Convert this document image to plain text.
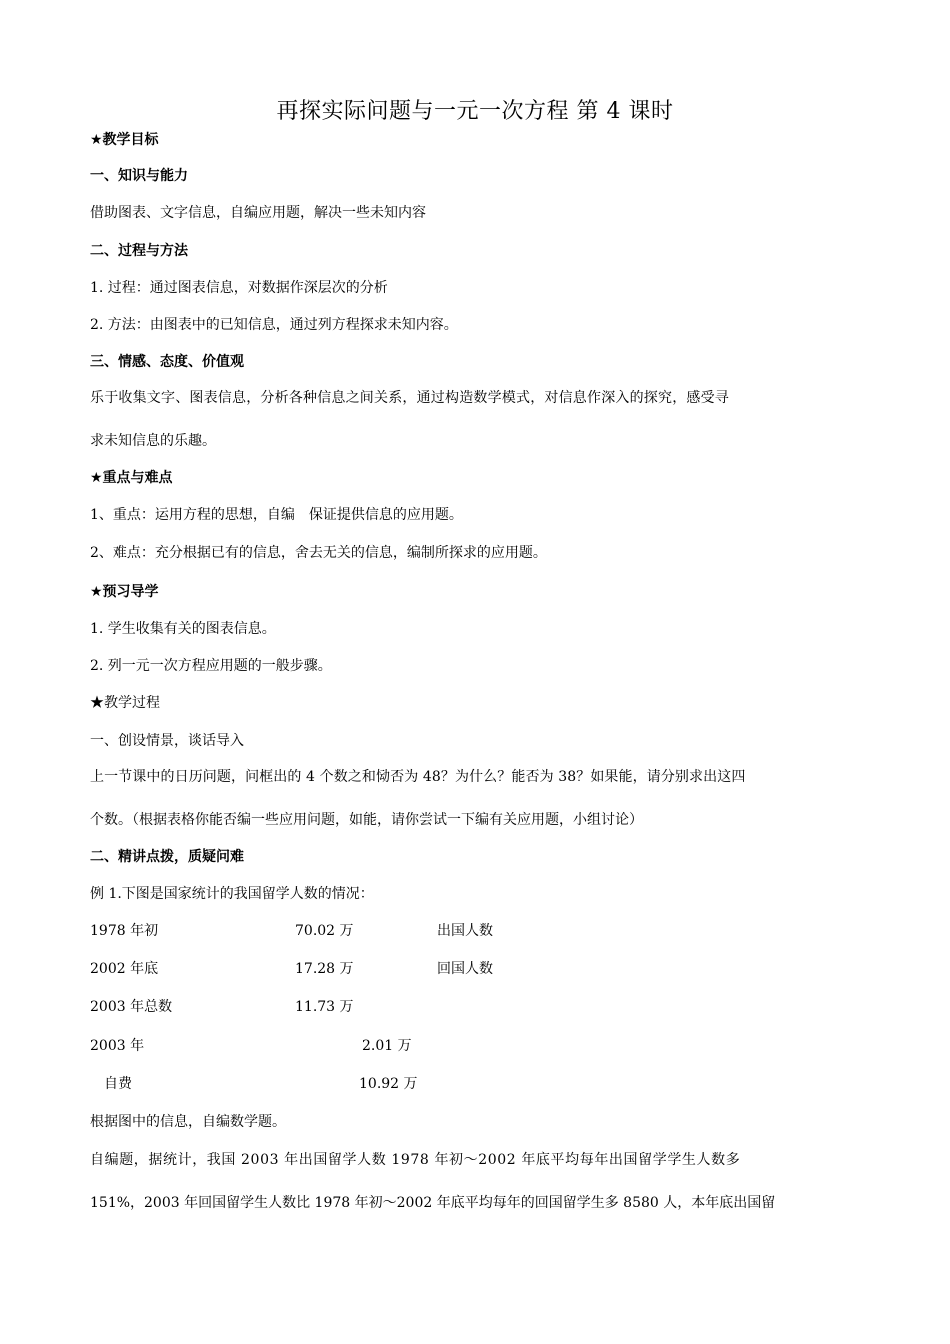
再探实际问题与一元一次方程 第 4 课时
★教学目标
一、知识与能力
借助图表、文字信息，自编应用题，解决一些未知内容
二、过程与方法
1. 过程：通过图表信息，对数据作深层次的分析
2. 方法：由图表中的已知信息，通过列方程探求未知内容。
三、情感、态度、价值观
乐于收集文字、图表信息，分析各种信息之间关系，通过构造数学模式，对信息作深入的探究，感受寻
求未知信息的乐趣。
★重点与难点
1、重点：运用方程的思想，自编　保证提供信息的应用题。
2、难点：充分根据已有的信息，舍去无关的信息，编制所探求的应用题。
★预习导学
1. 学生收集有关的图表信息。
2. 列一元一次方程应用题的一般步骤。
★教学过程
一、创设情景，谈话导入
上一节课中的日历问题，问框出的 4 个数之和恸否为 48？为什么？能否为 38？如果能，请分别求出这四
个数。（根据表格你能否编一些应用问题，如能，请你尝试一下编有关应用题，小组讨论）
二、精讲点拨，质疑问难
例 1.下图是国家统计的我国留学人数的情况：
1978 年初	70.02 万	出国人数
2002 年底	17.28 万	回国人数
2003 年总数	11.73 万
2003 年	2.01 万
　自费	10.92 万
根据图中的信息，自编数学题。
自编题，据统计，我国 2003 年出国留学人数 1978 年初～2002 年底平均每年出国留学学生人数多
151%，2003 年回国留学生人数比 1978 年初～2002 年底平均每年的回国留学生多 8580 人，本年底出国留
